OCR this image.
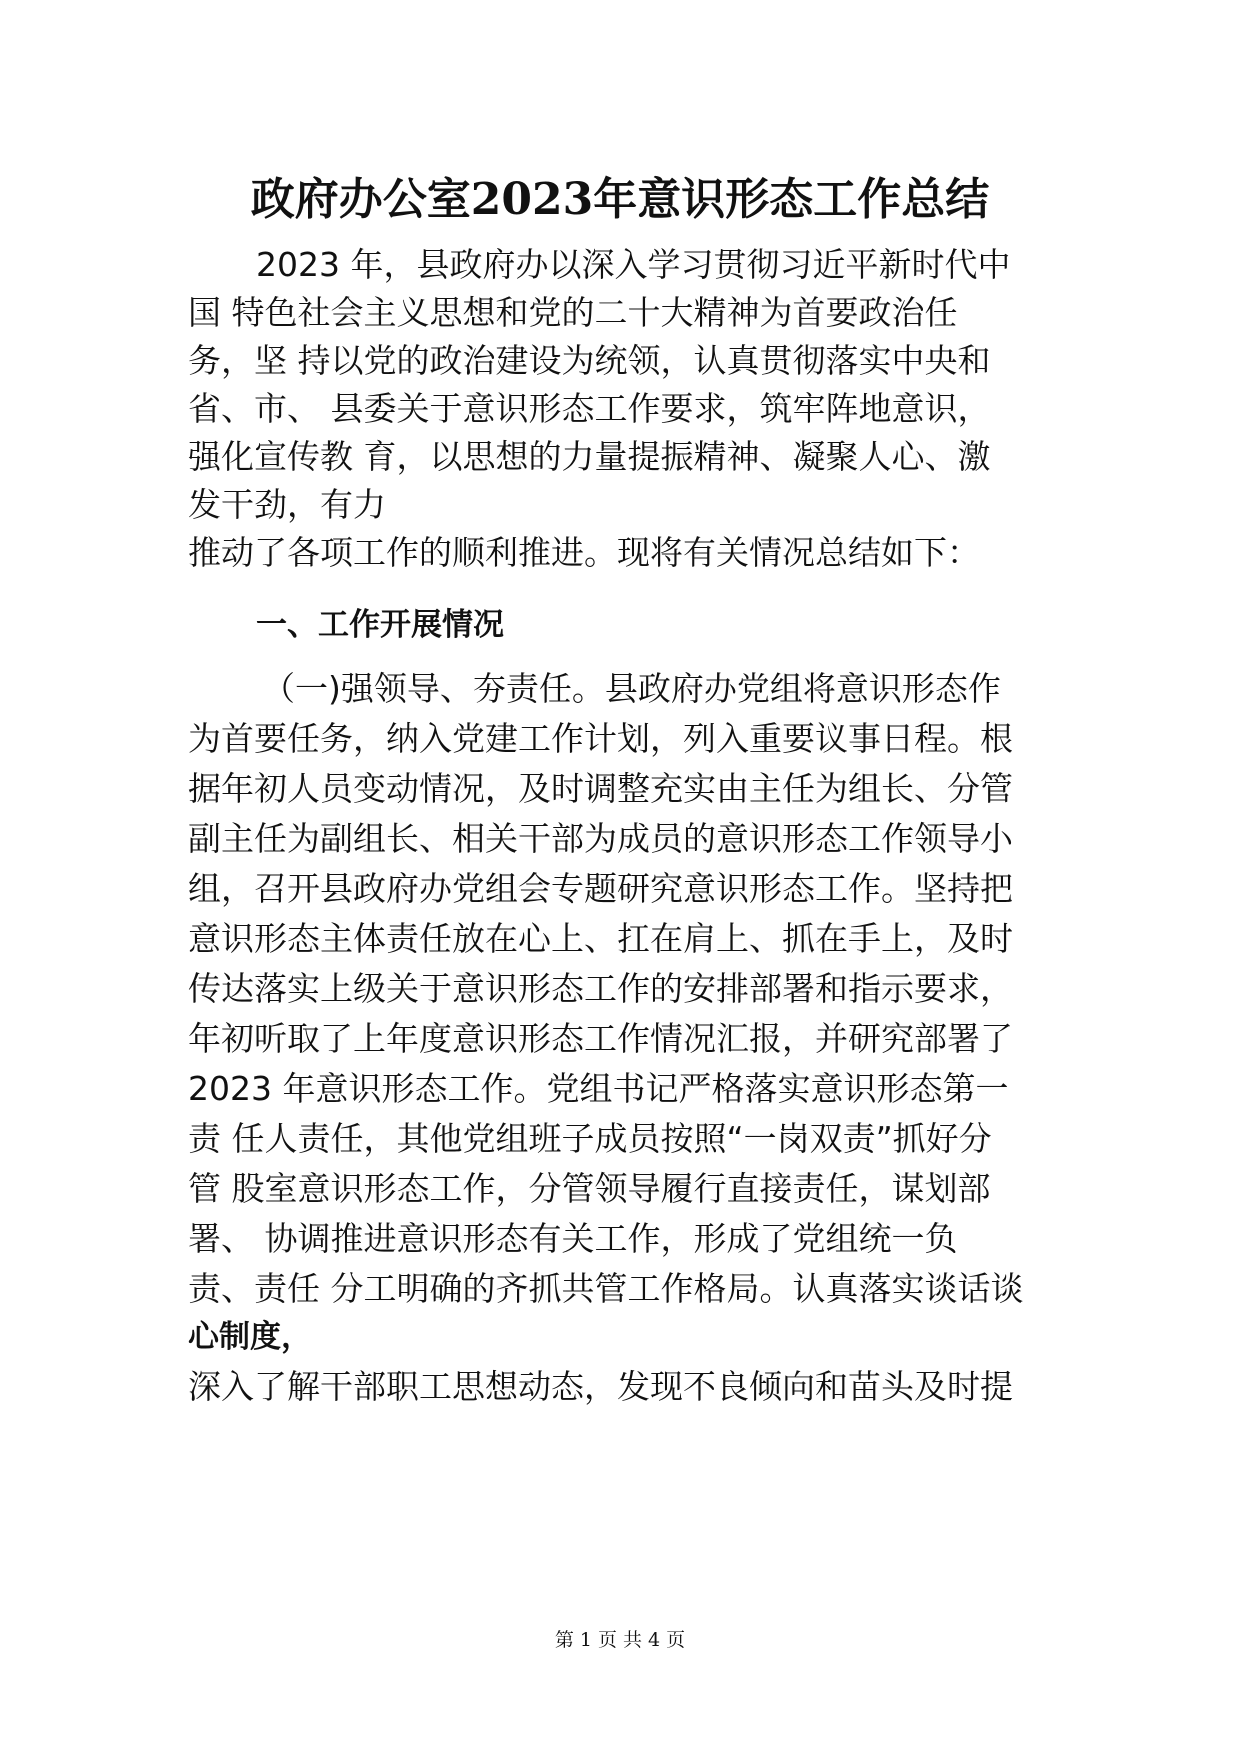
政府办公室2023年意识形态工作总结
2023 年，县政府办以深入学习贯彻习近平新时代中
国 特色社会主义思想和党的二十大精神为首要政治任
务，坚 持以党的政治建设为统领，认真贯彻落实中央和
省、市、 县委关于意识形态工作要求，筑牢阵地意识，
强化宣传教 育，以思想的力量提振精神、凝聚人心、激
发干劲，有力
推动了各项工作的顺利推进。现将有关情况总结如下：
一、工作开展情况
（一)强领导、夯责任。县政府办党组将意识形态作
为首要任务，纳入党建工作计划，列入重要议事日程。根
据年初人员变动情况，及时调整充实由主任为组长、分管
副主任为副组长、相关干部为成员的意识形态工作领导小
组，召开县政府办党组会专题研究意识形态工作。坚持把
意识形态主体责任放在心上、扛在肩上、抓在手上，及时
传达落实上级关于意识形态工作的安排部署和指示要求，
年初听取了上年度意识形态工作情况汇报，并研究部署了
2023 年意识形态工作。党组书记严格落实意识形态第一
责 任人责任，其他党组班子成员按照“一岗双责”抓好分
管 股室意识形态工作，分管领导履行直接责任，谋划部
署、 协调推进意识形态有关工作，形成了党组统一负
责、责任 分工明确的齐抓共管工作格局。认真落实谈话谈
心制度，
深入了解干部职工思想动态，发现不良倾向和苗头及时提
第 1 页 共 4 页
